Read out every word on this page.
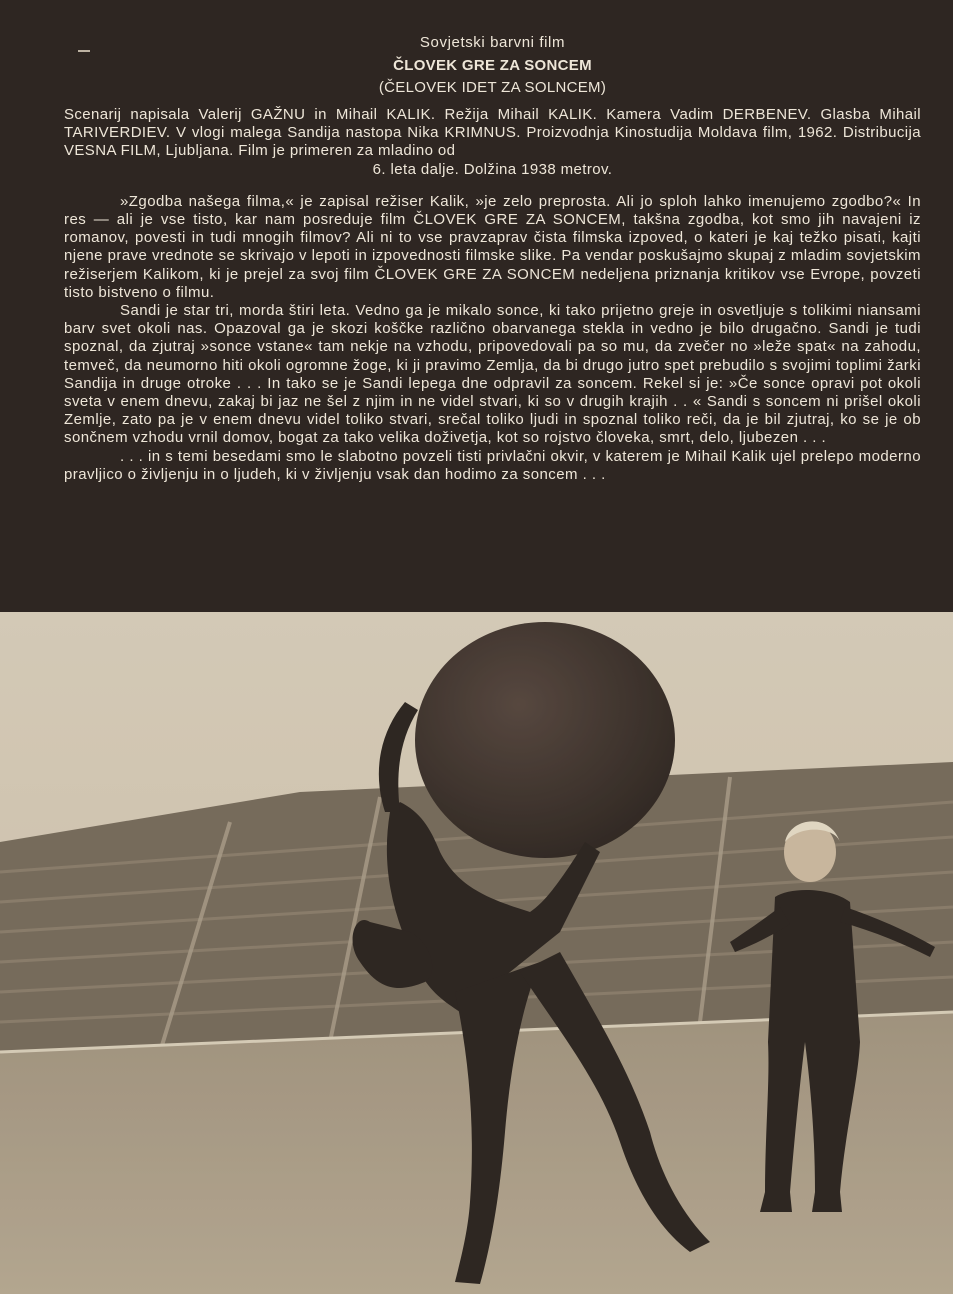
Sovjetski barvni film

ČLOVEK GRE ZA SONCEM

(ČELOVEK IDET ZA SOLNCEM)

Scenarij napisala Valerij GAŽNU in Mihail KALIK. Režija Mihail KALIK. Kamera Vadim DERBENEV. Glasba Mihail TARIVERDIEV. V vlogi malega Sandija nastopa Nika KRIMNUS. Proizvodnja Kinostudija Moldava film, 1962. Distribucija VESNA FILM, Ljubljana. Film je primeren za mladino od
6. leta dalje. Dolžina 1938 metrov.

»Zgodba našega filma,« je zapisal režiser Kalik, »je zelo preprosta. Ali jo sploh lahko imenujemo zgodbo?« In res — ali je vse tisto, kar nam posreduje film ČLOVEK GRE ZA SONCEM, takšna zgodba, kot smo jih navajeni iz romanov, povesti in tudi mnogih filmov? Ali ni to vse pravzaprav čista filmska izpoved, o kateri je kaj težko pisati, kajti njene prave vrednote se skrivajo v lepoti in izpovednosti filmske slike. Pa vendar poskušajmo skupaj z mladim sovjetskim režiserjem Kalikom, ki je prejel za svoj film ČLOVEK GRE ZA SONCEM nedeljena priznanja kritikov vse Evrope, povzeti tisto bistveno o filmu.

Sandi je star tri, morda štiri leta. Vedno ga je mikalo sonce, ki tako prijetno greje in osvetljuje s tolikimi niansami barv svet okoli nas. Opazoval ga je skozi koščke različno obarvanega stekla in vedno je bilo drugačno. Sandi je tudi spoznal, da zjutraj »sonce vstane« tam nekje na vzhodu, pripovedovali pa so mu, da zvečer no »leže spat« na zahodu, temveč, da neumorno hiti okoli ogromne žoge, ki ji pravimo Zemlja, da bi drugo jutro spet prebudilo s svojimi toplimi žarki Sandija in druge otroke . . . In tako se je Sandi lepega dne odpravil za soncem. Rekel si je: »Če sonce opravi pot okoli sveta v enem dnevu, zakaj bi jaz ne šel z njim in ne videl stvari, ki so v drugih krajih . . « Sandi s soncem ni prišel okoli Zemlje, zato pa je v enem dnevu videl toliko stvari, srečal toliko ljudi in spoznal toliko reči, da je bil zjutraj, ko se je ob sončnem vzhodu vrnil domov, bogat za tako velika doživetja, kot so rojstvo človeka, smrt, delo, ljubezen . . .

. . . in s temi besedami smo le slabotno povzeli tisti privlačni okvir, v katerem je Mihail Kalik ujel prelepo moderno pravljico o življenju in o ljudeh, ki v življenju vsak dan hodimo za soncem . . .
